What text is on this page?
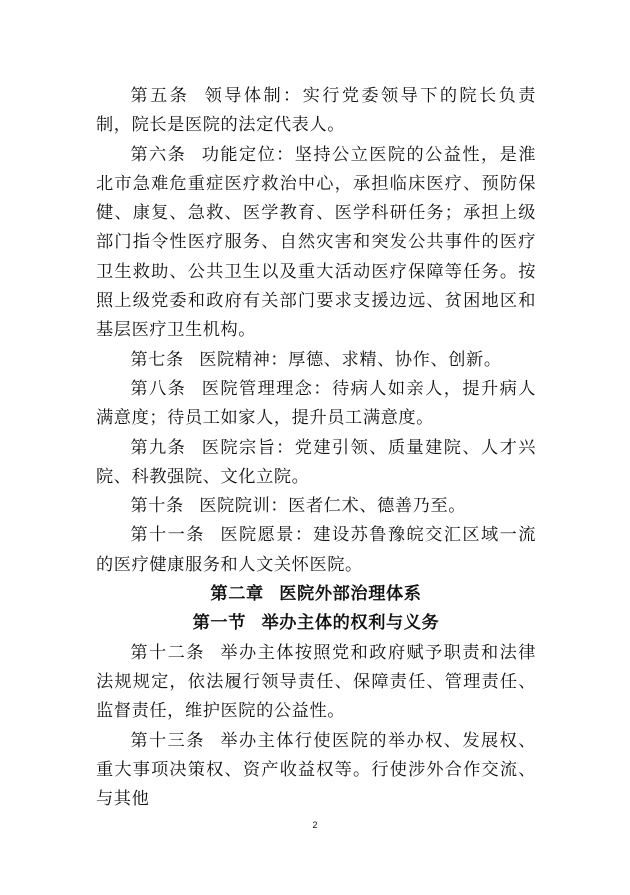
第五条 领导体制：实行党委领导下的院长负责制，院长是医院的法定代表人。

第六条 功能定位：坚持公立医院的公益性，是淮北市急难危重症医疗救治中心，承担临床医疗、预防保健、康复、急救、医学教育、医学科研任务；承担上级部门指令性医疗服务、自然灾害和突发公共事件的医疗卫生救助、公共卫生以及重大活动医疗保障等任务。按照上级党委和政府有关部门要求支援边远、贫困地区和基层医疗卫生机构。

第七条 医院精神：厚德、求精、协作、创新。

第八条 医院管理理念：待病人如亲人，提升病人满意度；待员工如家人，提升员工满意度。

第九条 医院宗旨：党建引领、质量建院、人才兴院、科教强院、文化立院。

第十条 医院院训：医者仁术、德善乃至。

第十一条 医院愿景：建设苏鲁豫皖交汇区域一流的医疗健康服务和人文关怀医院。

第二章 医院外部治理体系
第一节 举办主体的权利与义务

第十二条 举办主体按照党和政府赋予职责和法律法规规定，依法履行领导责任、保障责任、管理责任、监督责任，维护医院的公益性。

第十三条 举办主体行使医院的举办权、发展权、重大事项决策权、资产收益权等。行使涉外合作交流、与其他

2
